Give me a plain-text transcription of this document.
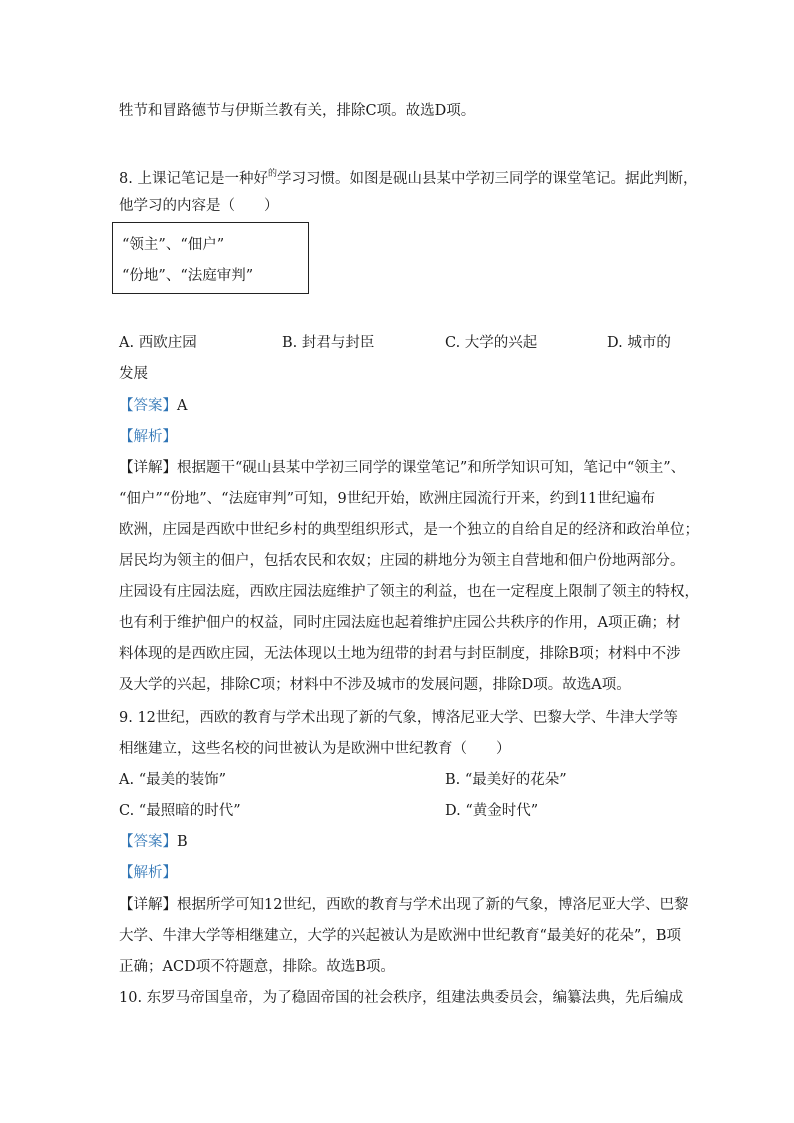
牲节和冒路德节与伊斯兰教有关，排除C项。故选D项。
8. 上课记笔记是一种好$^的$学习习惯。如图是砚山县某中学初三同学的课堂笔记。据此判断，
他学习的内容是（　　）
“领主”、“佃户”
“份地”、“法庭审判”
A. 西欧庄园	B. 封君与封臣	C. 大学的兴起	D. 城市的
发展
【答案】A
【解析】
【详解】根据题干“砚山县某中学初三同学的课堂笔记”和所学知识可知，笔记中“领主”、
“佃户”“份地”、“法庭审判”可知，9世纪开始，欧洲庄园流行开来，约到11世纪遍布
欧洲，庄园是西欧中世纪乡村的典型组织形式，是一个独立的自给自足的经济和政治单位；
居民均为领主的佃户，包括农民和农奴；庄园的耕地分为领主自营地和佃户份地两部分。
庄园设有庄园法庭，西欧庄园法庭维护了领主的利益，也在一定程度上限制了领主的特权，
也有利于维护佃户的权益，同时庄园法庭也起着维护庄园公共秩序的作用，A项正确；材
料体现的是西欧庄园，无法体现以土地为纽带的封君与封臣制度，排除B项；材料中不涉
及大学的兴起，排除C项；材料中不涉及城市的发展问题，排除D项。故选A项。
9. 12世纪，西欧的教育与学术出现了新的气象，博洛尼亚大学、巴黎大学、牛津大学等
相继建立，这些名校的问世被认为是欧洲中世纪教育（　　）
A. “最美的装饰”	B. “最美好的花朵”
C. “最照暗的时代”	D. “黄金时代”
【答案】B
【解析】
【详解】根据所学可知12世纪，西欧的教育与学术出现了新的气象，博洛尼亚大学、巴黎
大学、牛津大学等相继建立，大学的兴起被认为是欧洲中世纪教育“最美好的花朵”，B项
正确；ACD项不符题意，排除。故选B项。
10. 东罗马帝国皇帝，为了稳固帝国的社会秩序，组建法典委员会，编纂法典，先后编成
